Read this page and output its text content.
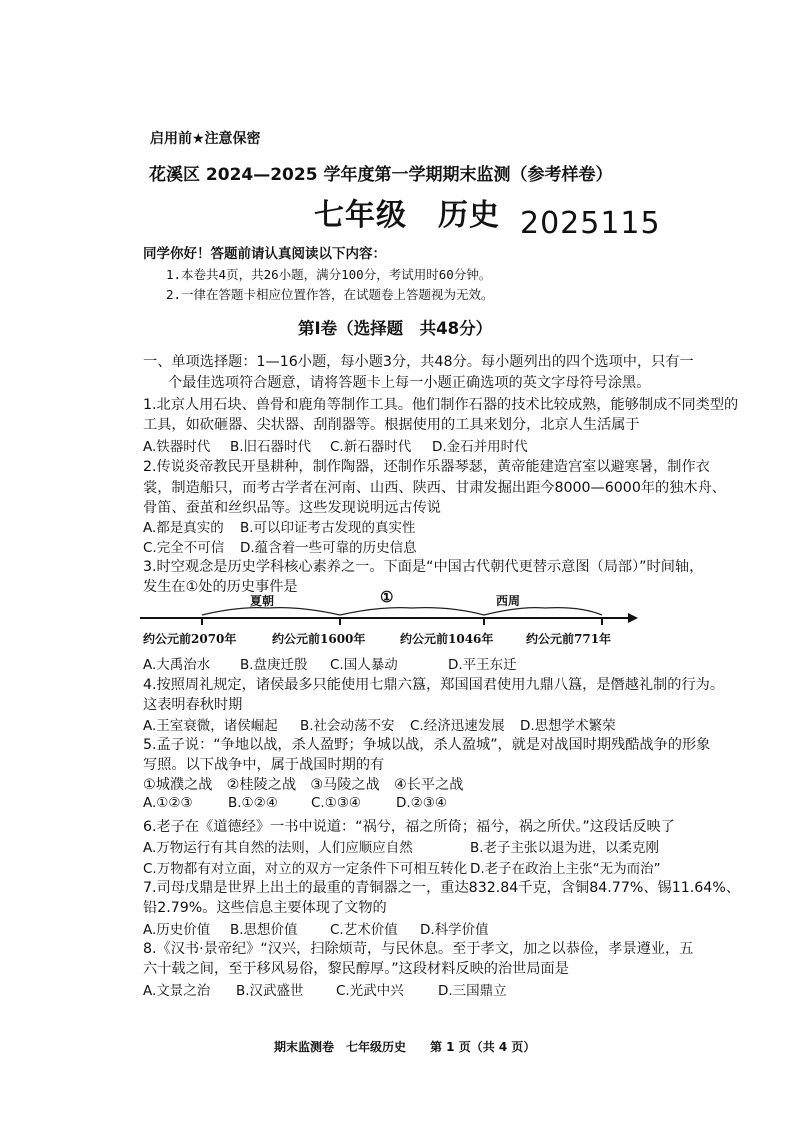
启用前★注意保密
花溪区 2024—2025 学年度第一学期期末监测（参考样卷）
七年级　历史 2025115
同学你好！答题前请认真阅读以下内容：
1.本卷共4页，共26小题，满分100分，考试用时60分钟。
2.一律在答题卡相应位置作答，在试题卷上答题视为无效。
第Ⅰ卷（选择题　共48分）
一、单项选择题：1—16小题，每小题3分，共48分。每小题列出的四个选项中，只有一
个最佳选项符合题意，请将答题卡上每一小题正确选项的英文字母符号涂黑。
1.北京人用石块、兽骨和鹿角等制作工具。他们制作石器的技术比较成熟，能够制成不同类型的
工具，如砍砸器、尖状器、刮削器等。根据使用的工具来划分，北京人生活属于
A.铁器时代 B.旧石器时代 C.新石器时代 D.金石并用时代
2.传说炎帝教民开垦耕种，制作陶器，还制作乐器琴瑟，黄帝能建造宫室以避寒暑，制作衣
裳，制造船只，而考古学者在河南、山西、陕西、甘肃发掘出距今8000—6000年的独木舟、
骨笛、蚕茧和丝织品等。这些发现说明远古传说
A.都是真实的 B.可以印证考古发现的真实性
C.完全不可信 D.蕴含着一些可靠的历史信息
3.时空观念是历史学科核心素养之一。下面是“中国古代朝代更替示意图（局部）”时间轴，
发生在①处的历史事件是
夏朝	①	西周
约公元前2070年	约公元前1600年	约公元前1046年	约公元前771年
A.大禹治水 B.盘庚迁殷 C.国人暴动	D.平王东迁
4.按照周礼规定，诸侯最多只能使用七鼎六簋，郑国国君使用九鼎八簋，是僭越礼制的行为。
这表明春秋时期
A.王室衰微，诸侯崛起 B.社会动荡不安 C.经济迅速发展 D.思想学术繁荣
5.孟子说：“争地以战，杀人盈野；争城以战，杀人盈城”，就是对战国时期残酷战争的形象
写照。以下战争中，属于战国时期的有
①城濮之战　②桂陵之战　③马陵之战　④长平之战
A.①②③	B.①②④ C.①③④	D.②③④
6.老子在《道德经》一书中说道：“祸兮，福之所倚；福兮，祸之所伏。”这段话反映了
A.万物运行有其自然的法则，人们应顺应自然	B.老子主张以退为进，以柔克刚
C.万物都有对立面，对立的双方一定条件下可相互转化 D.老子在政治上主张“无为而治”
7.司母戊鼎是世界上出土的最重的青铜器之一，重达832.84千克，含铜84.77%、锡11.64%、
铅2.79%。这些信息主要体现了文物的
A.历史价值 B.思想价值 C.艺术价值 D.科学价值
8.《汉书·景帝纪》“汉兴，扫除烦苛，与民休息。至于孝文，加之以恭俭，孝景遵业，五
六十载之间，至于移风易俗，黎民醇厚。”这段材料反映的治世局面是
A.文景之治 B.汉武盛世 C.光武中兴	D.三国鼎立
期末监测卷　七年级历史　　第 1 页（共 4 页）
